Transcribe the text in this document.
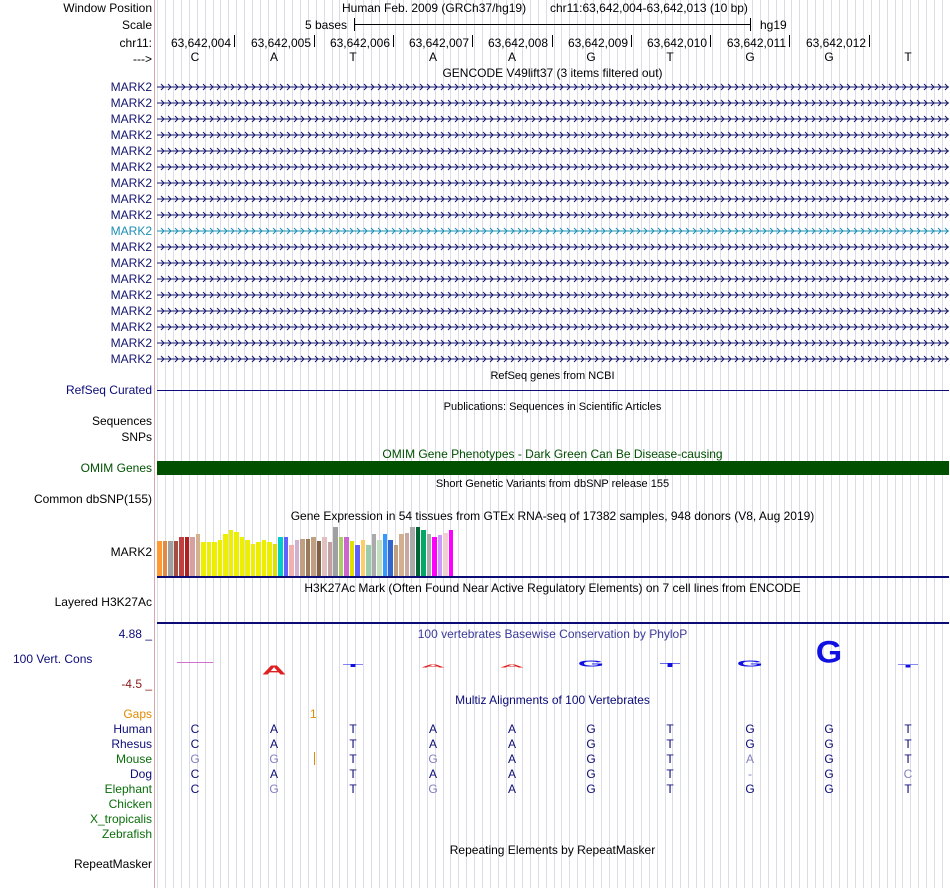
Window Position	Human Feb. 2009 (GRCh37/hg19) chr11:63,642,004-63,642,013 (10 bp)
Scale	5 bases	hg19
chr11: 63,642,004 63,642,005 63,642,006 63,642,007 63,642,008 63,642,009 63,642,010 63,642,011 63,642,012
--->	C	A	T	A	A	G	T	G	G	T
GENCODE V49lift37 (3 items filtered out)
MARK2
MARK2
MARK2
MARK2
MARK2
MARK2
MARK2
MARK2
MARK2
MARK2
MARK2
MARK2
MARK2
MARK2
MARK2
MARK2
MARK2
MARK2
RefSeq genes from NCBI
RefSeq Curated
Publications: Sequences in Scientific Articles
Sequences
SNPs
OMIM Gene Phenotypes - Dark Green Can Be Disease-causing
OMIM Genes
Short Genetic Variants from dbSNP release 155
Common dbSNP(155)
Gene Expression in 54 tissues from GTEx RNA-seq of 17382 samples, 948 donors (V8, Aug 2019)
MARK2
H3K27Ac Mark (Often Found Near Active Regulatory Elements) on 7 cell lines from ENCODE
Layered H3K27Ac
100 vertebrates Basewise Conservation by PhyloP
4.88 _
100 Vert. Cons
-4.5 _
A	T	A A G	T	G G	T
Multiz Alignments of 100 Vertebrates
Gaps	1
Human	C	A	T	A	A	G	T	G	G	T
Rhesus	C	A	T	A	A	G	T	G	G	T
Mouse	G	G	T	G	A	G	T	A	G	T
Dog	C	A	T	A	A	G	T	-	G	C
Elephant	C	G	T	G	A	G	T	G	G	T
Chicken
X_tropicalis
Zebrafish
Repeating Elements by RepeatMasker
RepeatMasker
